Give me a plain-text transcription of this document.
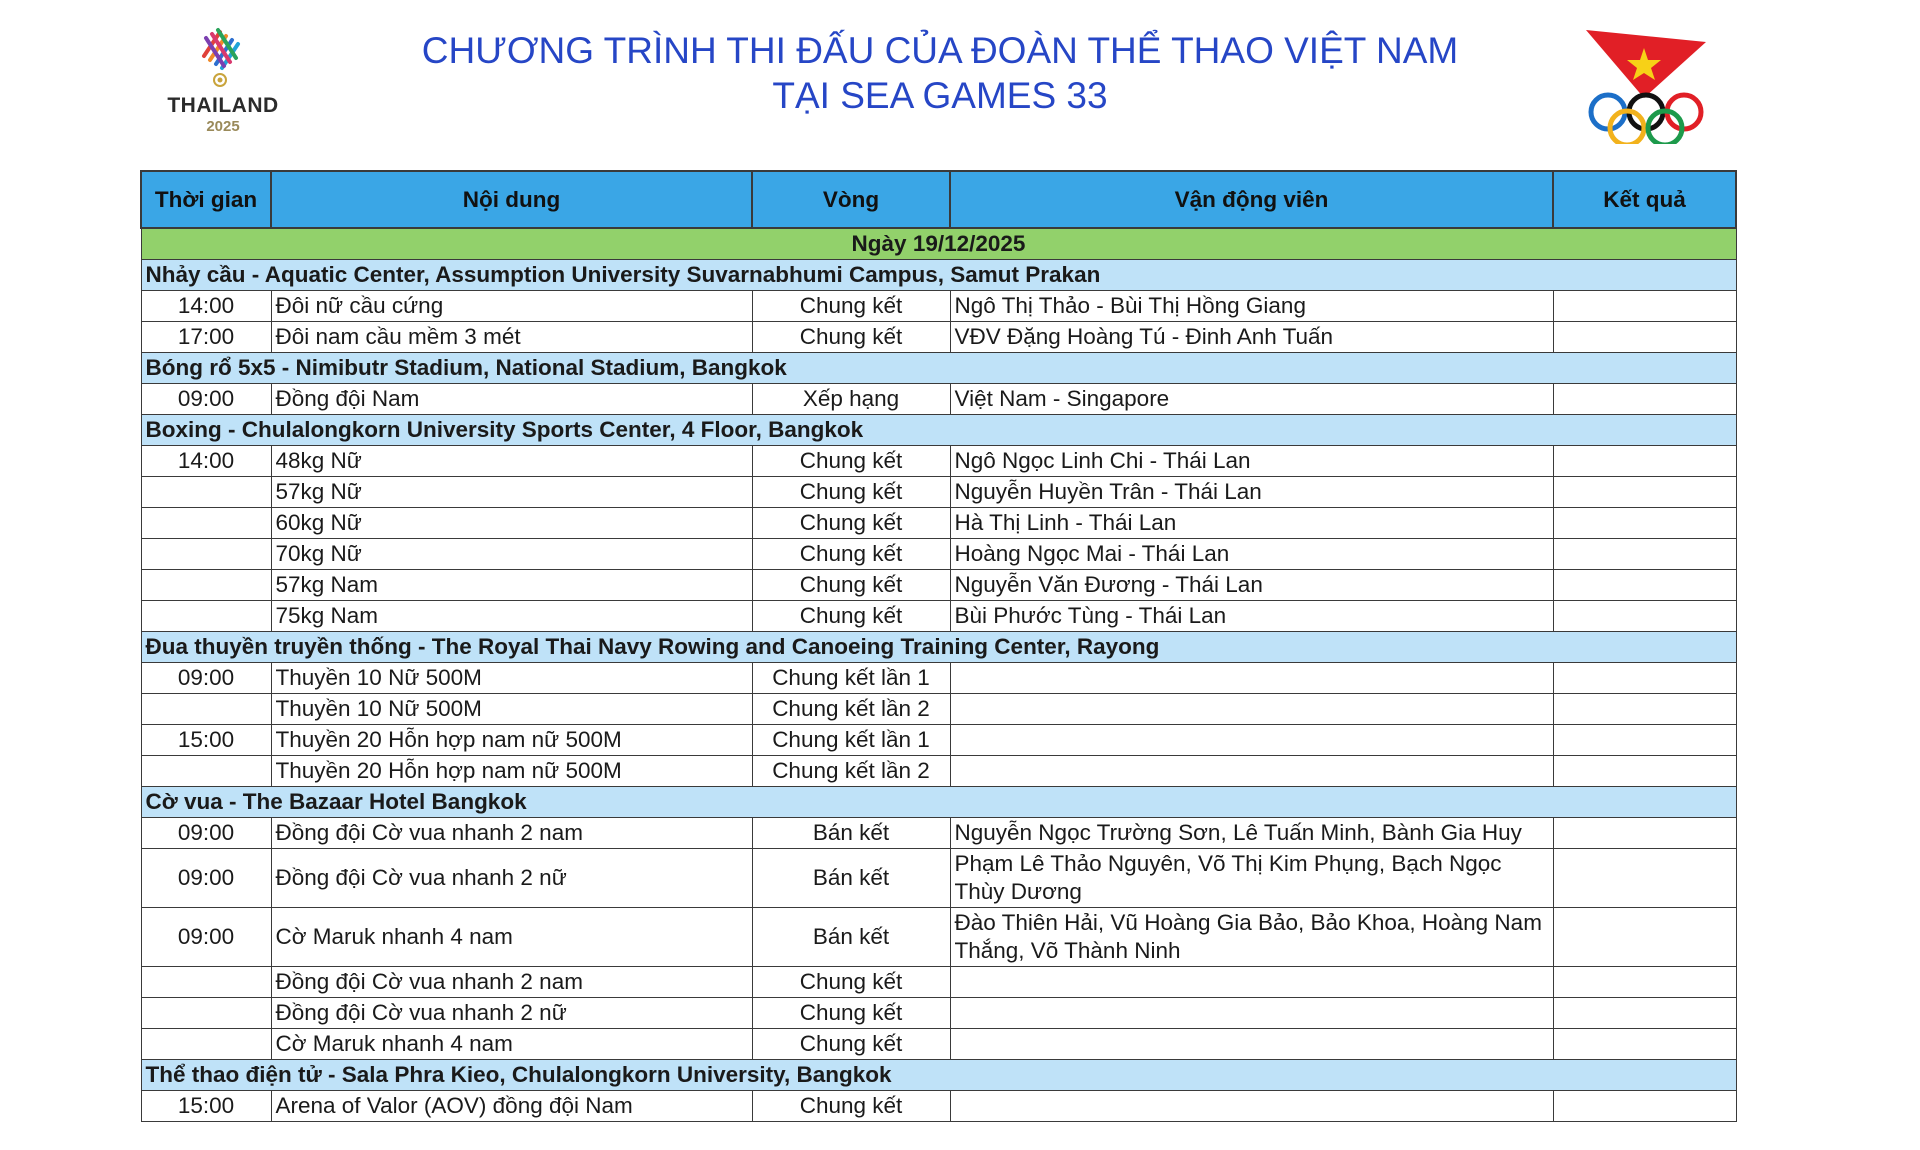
THAILAND
2025
CHƯƠNG TRÌNH THI ĐẤU CỦA ĐOÀN THỂ THAO VIỆT NAM
TẠI SEA GAMES 33
Thời gian	Nội dung	Vòng	Vận động viên	Kết quả
Ngày 19/12/2025				
Nhảy cầu - Aquatic Center, Assumption University Suvarnabhumi Campus, Samut Prakan				
14:00	Đôi nữ cầu cứng	Chung kết	Ngô Thị Thảo - Bùi Thị Hồng Giang	
17:00	Đôi nam cầu mềm 3 mét	Chung kết	VĐV Đặng Hoàng Tú - Đinh Anh Tuấn	
Bóng rổ 5x5 - Nimibutr Stadium, National Stadium, Bangkok				
09:00	Đồng đội Nam	Xếp hạng	Việt Nam - Singapore	
Boxing - Chulalongkorn University Sports Center, 4 Floor, Bangkok				
14:00	48kg Nữ	Chung kết	Ngô Ngọc Linh Chi - Thái Lan	
	57kg Nữ	Chung kết	Nguyễn Huyền Trân - Thái Lan	
	60kg Nữ	Chung kết	Hà Thị Linh - Thái Lan	
	70kg Nữ	Chung kết	Hoàng Ngọc Mai - Thái Lan	
	57kg Nam	Chung kết	Nguyễn Văn Đương - Thái Lan	
	75kg Nam	Chung kết	Bùi Phước Tùng - Thái Lan	
Đua thuyền truyền thống - The Royal Thai Navy Rowing and Canoeing Training Center, Rayong				
09:00	Thuyền 10 Nữ 500M	Chung kết lần 1		
	Thuyền 10 Nữ 500M	Chung kết lần 2		
15:00	Thuyền 20 Hỗn hợp nam nữ 500M	Chung kết lần 1		
	Thuyền 20 Hỗn hợp nam nữ 500M	Chung kết lần 2		
Cờ vua - The Bazaar Hotel Bangkok				
09:00	Đồng đội Cờ vua nhanh 2 nam	Bán kết	Nguyễn Ngọc Trường Sơn, Lê Tuấn Minh, Bành Gia Huy	
09:00	Đồng đội Cờ vua nhanh 2 nữ	Bán kết	Phạm Lê Thảo Nguyên, Võ Thị Kim Phụng, Bạch Ngọc Thùy Dương	
09:00	Cờ Maruk nhanh 4 nam	Bán kết	Đào Thiên Hải, Vũ Hoàng Gia Bảo, Bảo Khoa, Hoàng Nam Thắng, Võ Thành Ninh	
	Đồng đội Cờ vua nhanh 2 nam	Chung kết		
	Đồng đội Cờ vua nhanh 2 nữ	Chung kết		
	Cờ Maruk nhanh 4 nam	Chung kết		
Thể thao điện tử - Sala Phra Kieo, Chulalongkorn University, Bangkok				
15:00	Arena of Valor (AOV) đồng đội Nam	Chung kết		
